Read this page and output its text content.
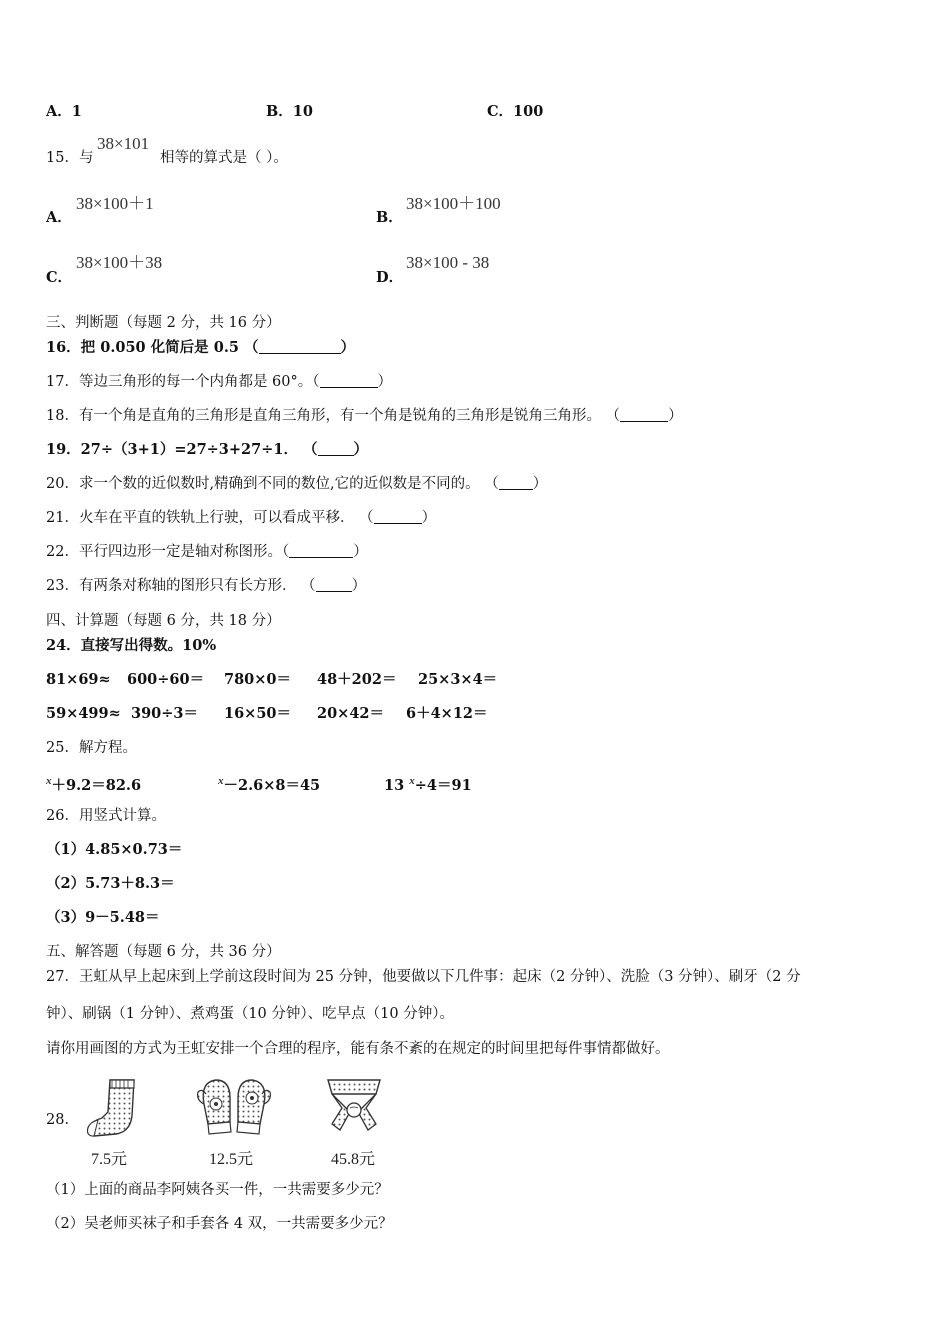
A．1	B．10	C．100
15．与
38×101
相等的算式是（ ）。
A．
38×100＋1
B．
38×100＋100
C．
38×100＋38
D．
38×100 - 38
三、判断题（每题 2 分，共 16 分）
16．把 0.050 化简后是 0.5 （	）
17．等边三角形的每一个内角都是 60°。（	）
18．有一个角是直角的三角形是直角三角形，有一个角是锐角的三角形是锐角三角形。 （	）
19．27÷（3+1）=27÷3+27÷1． （ ）
20．求一个数的近似数时,精确到不同的数位,它的近似数是不同的。 （ ）
21．火车在平直的铁轨上行驶，可以看成平移． （	）
22．平行四边形一定是轴对称图形。（	）
23．有两条对称轴的图形只有长方形． （ ）
四、计算题（每题 6 分，共 18 分）
24．直接写出得数。10%
81×69≈ 600÷60＝ 780×0＝ 48＋202＝ 25×3×4＝
59×499≈ 390÷3＝ 16×50＝ 20×42＝ 6＋4×12＝
25．解方程。
$^x$＋9.2＝82.6	$^x$－2.6×8＝45	13 $^x$÷4＝91
26．用竖式计算。
（1）4.85×0.73＝
（2）5.73＋8.3＝
（3）9－5.48＝
五、解答题（每题 6 分，共 36 分）
27．王虹从早上起床到上学前这段时间为 25 分钟，他要做以下几件事：起床（2 分钟）、洗脸（3 分钟）、刷牙（2 分
钟）、刷锅（1 分钟）、煮鸡蛋（10 分钟）、吃早点（10 分钟）。
请你用画图的方式为王虹安排一个合理的程序，能有条不紊的在规定的时间里把每件事情都做好。
28．
7.5元	12.5元	45.8元
（1）上面的商品李阿姨各买一件，一共需要多少元？
（2）吴老师买袜子和手套各 4 双，一共需要多少元？
